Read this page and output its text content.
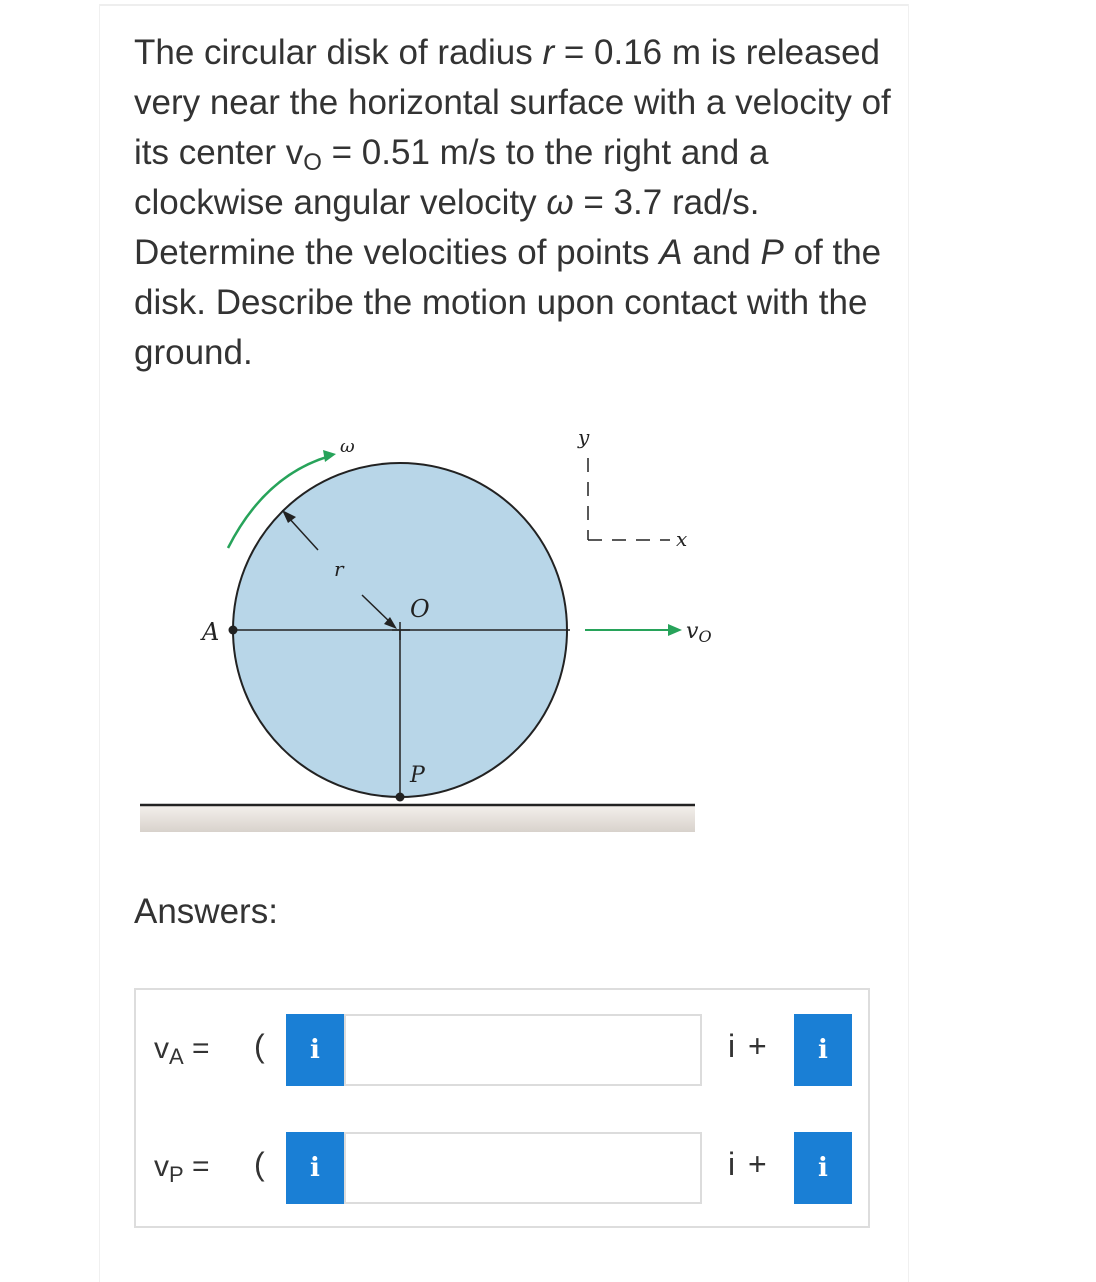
The circular disk of radius r = 0.16 m is released very near the horizontal surface with a velocity of its center $v_O = 0.51$ m/s to the right and a clockwise angular velocity ω = 3.7 rad/s. Determine the velocities of points A and P of the disk. Describe the motion upon contact with the ground.
r
A
P
O
ω	y
x
vO
Answers:
$v_A$ = (	i	i +	i
$v_P$ = (	i	i +	i
